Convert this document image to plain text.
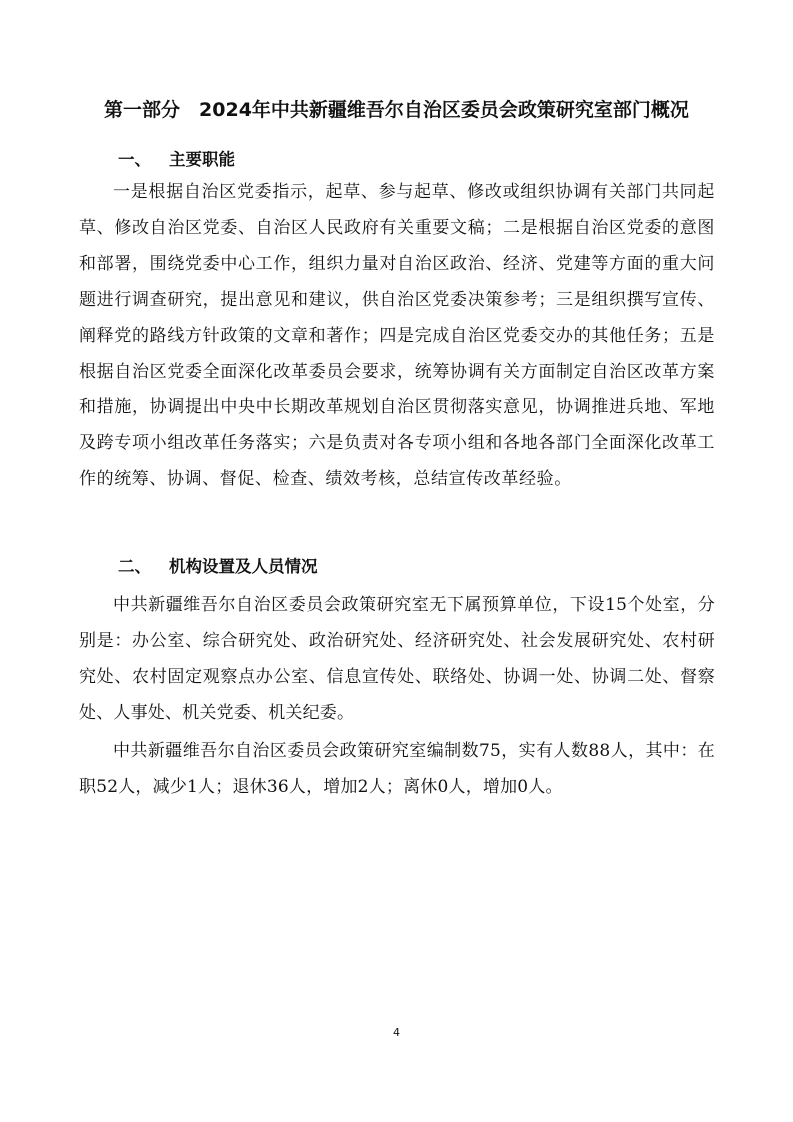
第一部分　2024年中共新疆维吾尔自治区委员会政策研究室部门概况
一、 主要职能

一是根据自治区党委指示，起草、参与起草、修改或组织协调有关部门共同起草、修改自治区党委、自治区人民政府有关重要文稿；二是根据自治区党委的意图和部署，围绕党委中心工作，组织力量对自治区政治、经济、党建等方面的重大问题进行调查研究，提出意见和建议，供自治区党委决策参考；三是组织撰写宣传、阐释党的路线方针政策的文章和著作；四是完成自治区党委交办的其他任务；五是根据自治区党委全面深化改革委员会要求，统筹协调有关方面制定自治区改革方案和措施，协调提出中央中长期改革规划自治区贯彻落实意见，协调推进兵地、军地及跨专项小组改革任务落实；六是负责对各专项小组和各地各部门全面深化改革工作的统筹、协调、督促、检查、绩效考核，总结宣传改革经验。

二、 机构设置及人员情况

中共新疆维吾尔自治区委员会政策研究室无下属预算单位，下设15个处室，分别是：办公室、综合研究处、政治研究处、经济研究处、社会发展研究处、农村研究处、农村固定观察点办公室、信息宣传处、联络处、协调一处、协调二处、督察处、人事处、机关党委、机关纪委。

中共新疆维吾尔自治区委员会政策研究室编制数75，实有人数88人，其中：在职52人，减少1人；退休36人，增加2人；离休0人，增加0人。

4
